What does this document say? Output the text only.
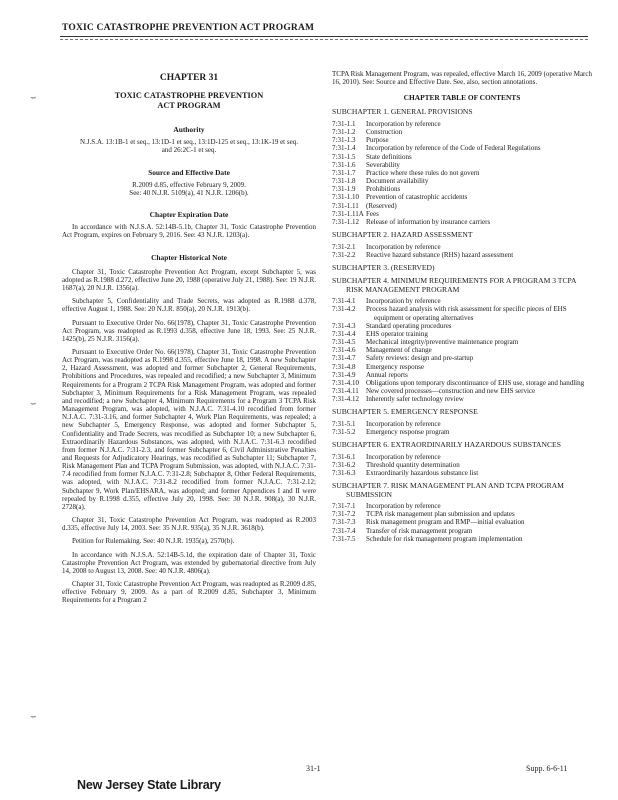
TOXIC CATASTROPHE PREVENTION ACT PROGRAM
⌣
⌣
⌣
CHAPTER 31
TOXIC CATASTROPHE PREVENTION ACT PROGRAM
Authority
N.J.S.A. 13:1B-1 et seq., 13:1D-1 et seq., 13:1D-125 et seq., 13:1K-19 et seq. and 26:2C-1 et seq.
Source and Effective Date
R.2009 d.85, effective February 9, 2009.
See: 40 N.J.R. 5109(a), 41 N.J.R. 1206(b).
Chapter Expiration Date

In accordance with N.J.S.A. 52:14B-5.1b, Chapter 31, Toxic Catastrophe Prevention Act Program, expires on February 9, 2016. See: 43 N.J.R. 1203(a).

Chapter Historical Note

Chapter 31, Toxic Catastrophe Prevention Act Program, except Subchapter 5, was adopted as R.1988 d.272, effective June 20, 1988 (operative July 21, 1988). See: 19 N.J.R. 1687(a), 20 N.J.R. 1356(a).

Subchapter 5, Confidentiality and Trade Secrets, was adopted as R.1988 d.378, effective August 1, 1988. See: 20 N.J.R. 850(a), 20 N.J.R. 1913(b).

Pursuant to Executive Order No. 66(1978), Chapter 31, Toxic Catastrophe Prevention Act Program, was readopted as R.1993 d.358, effective June 18, 1993. See: 25 N.J.R. 1425(b), 25 N.J.R. 3156(a).

Pursuant to Executive Order No. 66(1978), Chapter 31, Toxic Catastrophe Prevention Act Program, was readopted as R.1998 d.355, effective June 18, 1998. A new Subchapter 2, Hazard Assessment, was adopted and former Subchapter 2, General Requirements, Prohibitions and Procedures, was repealed and recodified; a new Subchapter 3, Minimum Requirements for a Program 2 TCPA Risk Management Program, was adopted and former Subchapter 3, Minimum Requirements for a Risk Management Program, was repealed and recodified; a new Subchapter 4, Minimum Requirements for a Program 3 TCPA Risk Management Program, was adopted, with N.J.A.C. 7:31-4.10 recodified from former N.J.A.C. 7:31-3.16, and former Subchapter 4, Work Plan Requirements, was repealed; a new Subchapter 5, Emergency Response, was adopted and former Subchapter 5, Confidentiality and Trade Secrets, was recodified as Subchapter 10; a new Subchapter 6, Extraordinarily Hazardous Substances, was adopted, with N.J.A.C. 7:31-6.3 recodified from former N.J.A.C. 7:31-2.3, and former Subchapter 6, Civil Administrative Penalties and Requests for Adjudicatory Hearings, was recodified as Subchapter 11; Subchapter 7, Risk Management Plan and TCPA Program Submission, was adopted, with N.J.A.C. 7:31-7.4 recodified from former N.J.A.C. 7:31-2.8; Subchapter 8, Other Federal Requirements, was adopted, with N.J.A.C. 7:31-8.2 recodified from former N.J.A.C. 7:31-2.12; Subchapter 9, Work Plan/EHSARA, was adopted; and former Appendices I and II were repealed by R.1998 d.355, effective July 20, 1998. See: 30 N.J.R. 908(a), 30 N.J.R. 2728(a).

Chapter 31, Toxic Catastrophe Prevention Act Program, was readopted as R.2003 d.335, effective July 14, 2003. See: 35 N.J.R. 935(a), 35 N.J.R. 3618(b).

Petition for Rulemaking. See: 40 N.J.R. 1935(a), 2570(b).

In accordance with N.J.S.A. 52:14B-5.1d, the expiration date of Chapter 31, Toxic Catastrophe Prevention Act Program, was extended by gubernatorial directive from July 14, 2008 to August 13, 2008. See: 40 N.J.R. 4806(a).

Chapter 31, Toxic Catastrophe Prevention Act Program, was readopted as R.2009 d.85, effective February 9, 2009. As a part of R.2009 d.85, Subchapter 3, Minimum Requirements for a Program 2

TCPA Risk Management Program, was repealed, effective March 16, 2009 (operative March 16, 2010). See: Source and Effective Date. See, also, section annotations.

CHAPTER TABLE OF CONTENTS
SUBCHAPTER 1. GENERAL PROVISIONS
7:31-1.1	Incorporation by reference
7:31-1.2	Construction
7:31-1.3	Purpose
7:31-1.4	Incorporation by reference of the Code of Federal Regulations
7:31-1.5	State definitions
7:31-1.6	Severability
7:31-1.7	Practice where these rules do not govern
7:31-1.8	Document availability
7:31-1.9	Prohibitions
7:31-1.10 Prevention of catastrophic accidents
7:31-1.11	(Reserved)
7:31-1.11A Fees
7:31-1.12 Release of information by insurance carriers
SUBCHAPTER 2. HAZARD ASSESSMENT
7:31-2.1	Incorporation by reference
7:31-2.2	Reactive hazard substance (RHS) hazard assessment
SUBCHAPTER 3. (RESERVED)
SUBCHAPTER 4. MINIMUM REQUIREMENTS FOR A PROGRAM 3 TCPA RISK MANAGEMENT PROGRAM
7:31-4.1	Incorporation by reference
7:31-4.2	Process hazard analysis with risk assessment for specific pieces of EHS equipment or operating alternatives
7:31-4.3	Standard operating procedures
7:31-4.4	EHS operator training
7:31-4.5	Mechanical integrity/preventive maintenance program
7:31-4.6	Management of change
7:31-4.7	Safety reviews: design and pre-startup
7:31-4.8	Emergency response
7:31-4.9	Annual reports
7:31-4.10 Obligations upon temporary discontinuance of EHS use, storage and handling
7:31-4.11	New covered processes—construction and new EHS service
7:31-4.12 Inherently safer technology review
SUBCHAPTER 5. EMERGENCY RESPONSE
7:31-5.1	Incorporation by reference
7:31-5.2	Emergency response program
SUBCHAPTER 6. EXTRAORDINARILY HAZARDOUS SUBSTANCES
7:31-6.1	Incorporation by reference
7:31-6.2	Threshold quantity determination
7:31-6.3	Extraordinarily hazardous substance list
SUBCHAPTER 7. RISK MANAGEMENT PLAN AND TCPA PROGRAM SUBMISSION
7:31-7.1	Incorporation by reference
7:31-7.2	TCPA risk management plan submission and updates
7:31-7.3	Risk management program and RMP—initial evaluation
7:31-7.4	Transfer of risk management program
7:31-7.5	Schedule for risk management program implementation
31-1	Supp. 6-6-11
New Jersey State Library
